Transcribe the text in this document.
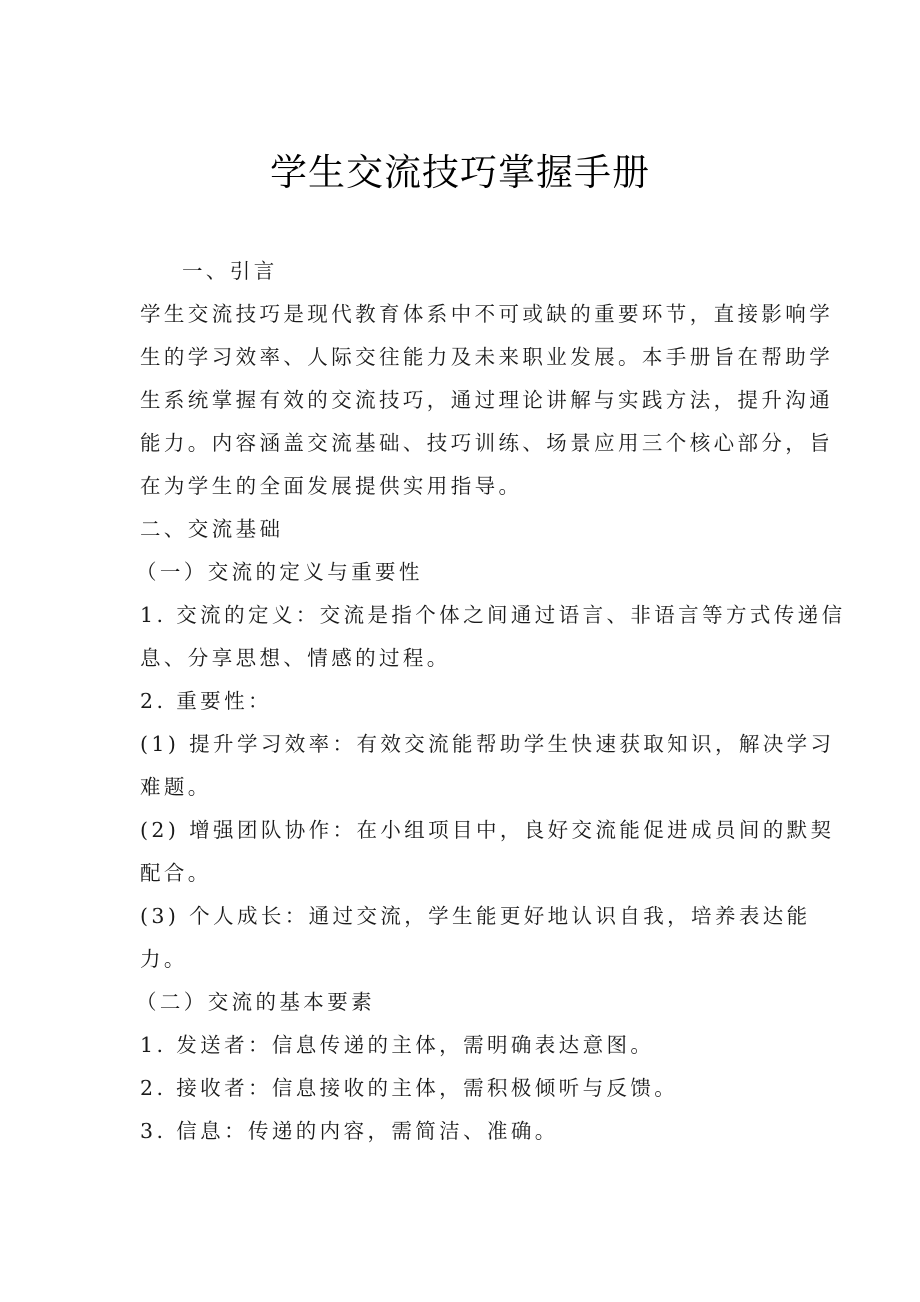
学生交流技巧掌握手册
一、引言
学生交流技巧是现代教育体系中不可或缺的重要环节，直接影响学
生的学习效率、人际交往能力及未来职业发展。本手册旨在帮助学
生系统掌握有效的交流技巧，通过理论讲解与实践方法，提升沟通
能力。内容涵盖交流基础、技巧训练、场景应用三个核心部分，旨
在为学生的全面发展提供实用指导。
二、交流基础
（一）交流的定义与重要性
1. 交流的定义：交流是指个体之间通过语言、非语言等方式传递信
息、分享思想、情感的过程。
2. 重要性：
(1) 提升学习效率：有效交流能帮助学生快速获取知识，解决学习
难题。
(2) 增强团队协作：在小组项目中，良好交流能促进成员间的默契
配合。
(3) 个人成长：通过交流，学生能更好地认识自我，培养表达能
力。
（二）交流的基本要素
1. 发送者：信息传递的主体，需明确表达意图。
2. 接收者：信息接收的主体，需积极倾听与反馈。
3. 信息：传递的内容，需简洁、准确。
